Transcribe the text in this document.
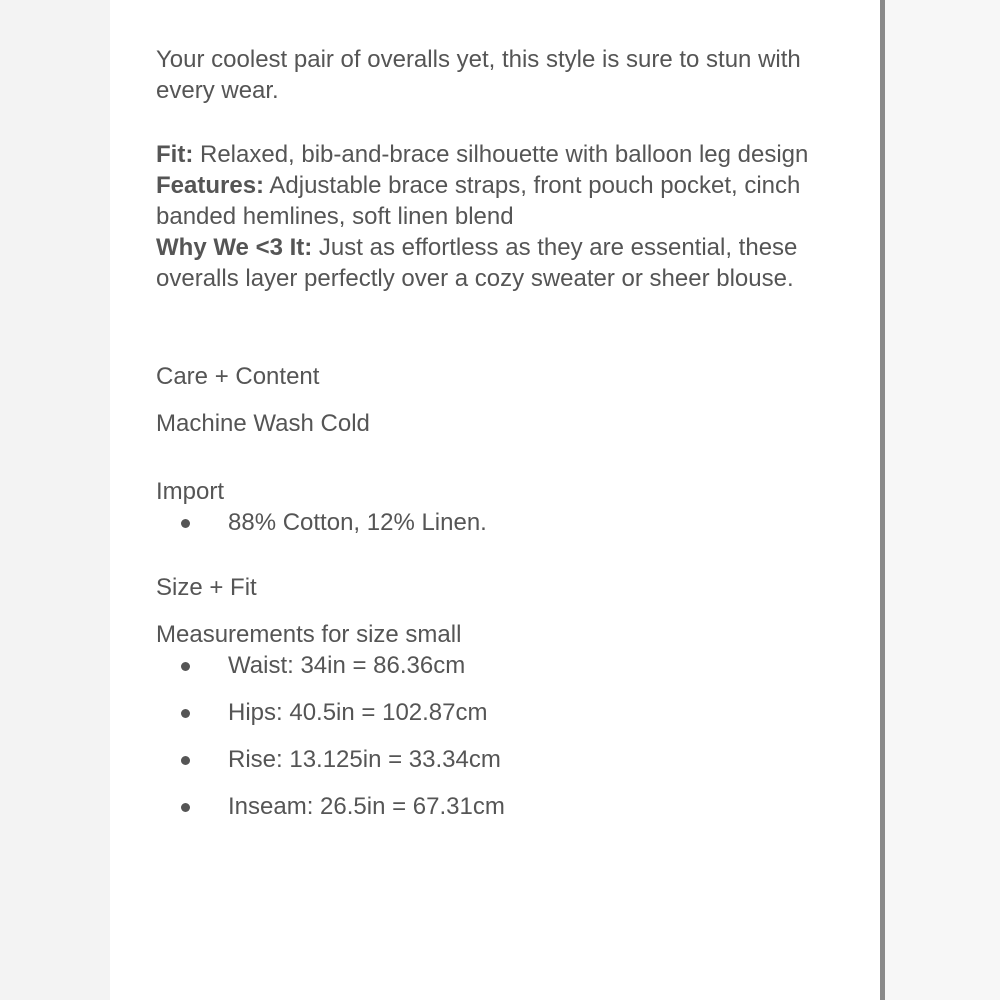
Your coolest pair of overalls yet, this style is sure to stun with every wear.

Fit: Relaxed, bib-and-brace silhouette with balloon leg design

Features: Adjustable brace straps, front pouch pocket, cinch banded hemlines, soft linen blend

Why We <3 It: Just as effortless as they are essential, these overalls layer perfectly over a cozy sweater or sheer blouse.

Care + Content

Machine Wash Cold

Import

88% Cotton, 12% Linen.

Size + Fit

Measurements for size small

Waist: 34in = 86.36cm
Hips: 40.5in = 102.87cm
Rise: 13.125in = 33.34cm
Inseam: 26.5in = 67.31cm
